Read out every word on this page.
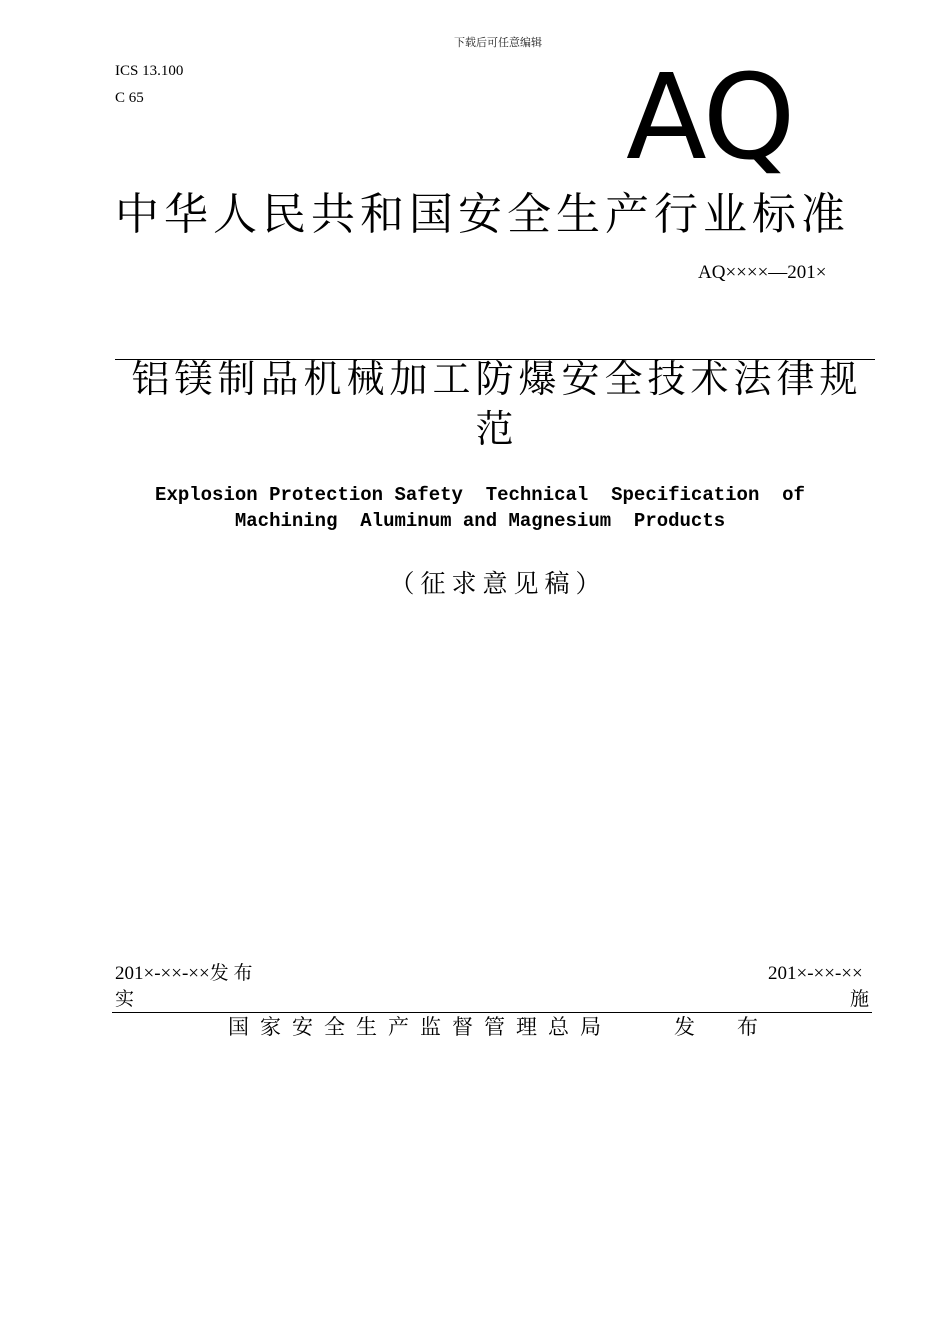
下载后可任意编辑
ICS 13.100
C 65	AQ
中华人民共和国安全生产行业标准
AQ××××—201×
铝镁制品机械加工防爆安全技术法律规范
Explosion Protection Safety  Technical  Specification  of
Machining  Aluminum and Magnesium  Products
（征求意见稿）
201×-××-××发 布	201×-××-××
实	施
国家安全生产监督管理总局	发布
